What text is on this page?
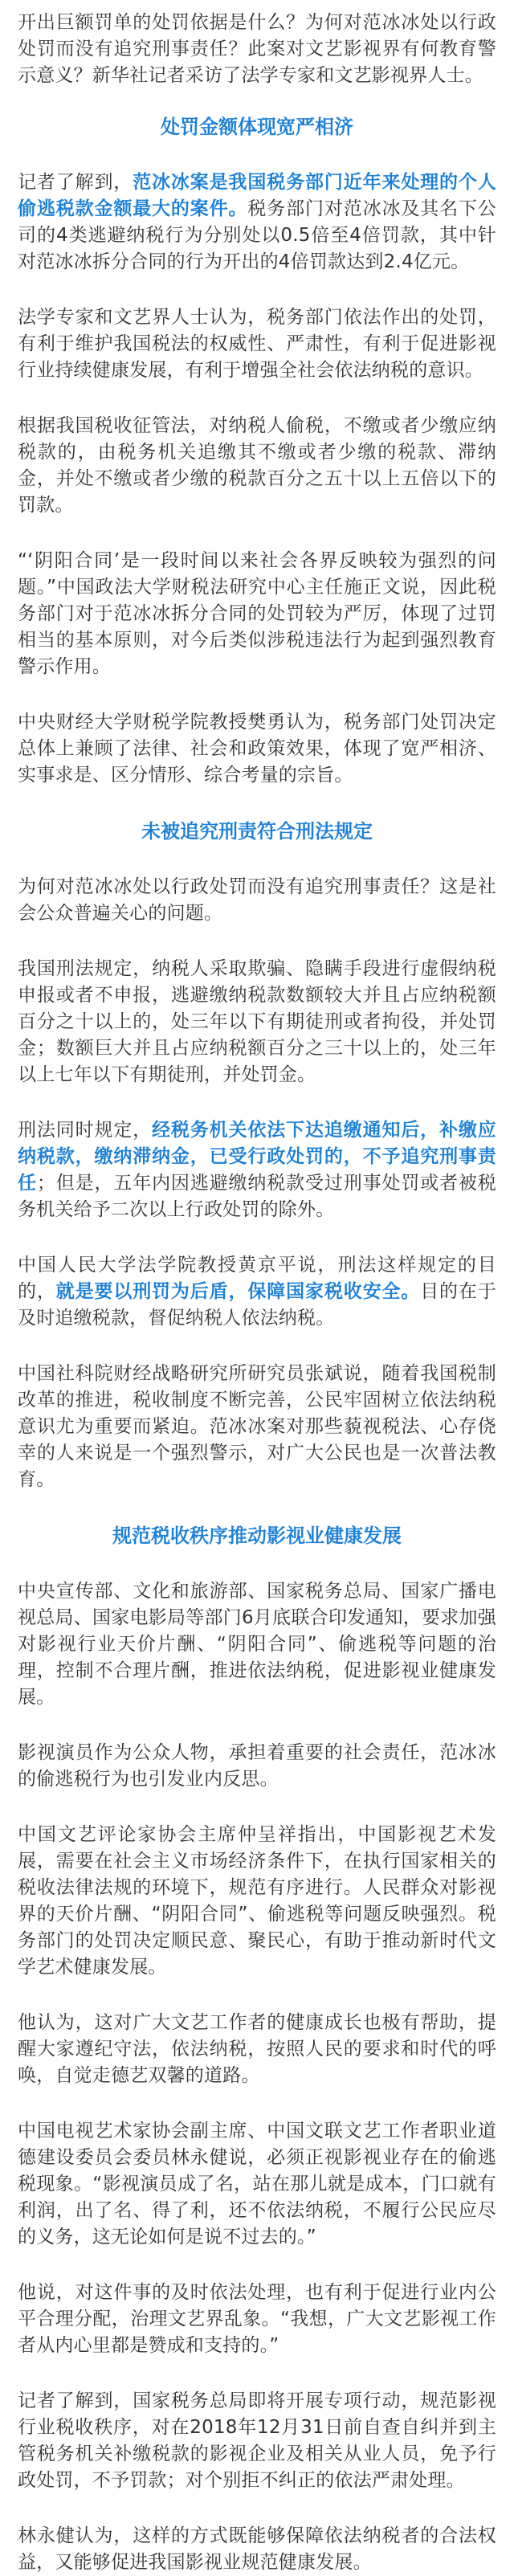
开出巨额罚单的处罚依据是什么？为何对范冰冰处以行政处罚而没有追究刑事责任？此案对文艺影视界有何教育警示意义？新华社记者采访了法学专家和文艺影视界人士。

处罚金额体现宽严相济

记者了解到，范冰冰案是我国税务部门近年来处理的个人偷逃税款金额最大的案件。税务部门对范冰冰及其名下公司的4类逃避纳税行为分别处以0.5倍至4倍罚款，其中针对范冰冰拆分合同的行为开出的4倍罚款达到2.4亿元。

法学专家和文艺界人士认为，税务部门依法作出的处罚，有利于维护我国税法的权威性、严肃性，有利于促进影视行业持续健康发展，有利于增强全社会依法纳税的意识。

根据我国税收征管法，对纳税人偷税，不缴或者少缴应纳税款的，由税务机关追缴其不缴或者少缴的税款、滞纳金，并处不缴或者少缴的税款百分之五十以上五倍以下的罚款。

“‘阴阳合同’是一段时间以来社会各界反映较为强烈的问题。”中国政法大学财税法研究中心主任施正文说，因此税务部门对于范冰冰拆分合同的处罚较为严厉，体现了过罚相当的基本原则，对今后类似涉税违法行为起到强烈教育警示作用。

中央财经大学财税学院教授樊勇认为，税务部门处罚决定总体上兼顾了法律、社会和政策效果，体现了宽严相济、实事求是、区分情形、综合考量的宗旨。

未被追究刑责符合刑法规定

为何对范冰冰处以行政处罚而没有追究刑事责任？这是社会公众普遍关心的问题。

我国刑法规定，纳税人采取欺骗、隐瞒手段进行虚假纳税申报或者不申报，逃避缴纳税款数额较大并且占应纳税额百分之十以上的，处三年以下有期徒刑或者拘役，并处罚金；数额巨大并且占应纳税额百分之三十以上的，处三年以上七年以下有期徒刑，并处罚金。

刑法同时规定，经税务机关依法下达追缴通知后，补缴应纳税款，缴纳滞纳金，已受行政处罚的，不予追究刑事责任；但是，五年内因逃避缴纳税款受过刑事处罚或者被税务机关给予二次以上行政处罚的除外。

中国人民大学法学院教授黄京平说，刑法这样规定的目的，就是要以刑罚为后盾，保障国家税收安全。目的在于及时追缴税款，督促纳税人依法纳税。

中国社科院财经战略研究所研究员张斌说，随着我国税制改革的推进，税收制度不断完善，公民牢固树立依法纳税意识尤为重要而紧迫。范冰冰案对那些藐视税法、心存侥幸的人来说是一个强烈警示，对广大公民也是一次普法教育。

规范税收秩序推动影视业健康发展

中央宣传部、文化和旅游部、国家税务总局、国家广播电视总局、国家电影局等部门6月底联合印发通知，要求加强对影视行业天价片酬、“阴阳合同”、偷逃税等问题的治理，控制不合理片酬，推进依法纳税，促进影视业健康发展。

影视演员作为公众人物，承担着重要的社会责任，范冰冰的偷逃税行为也引发业内反思。

中国文艺评论家协会主席仲呈祥指出，中国影视艺术发展，需要在社会主义市场经济条件下，在执行国家相关的税收法律法规的环境下，规范有序进行。人民群众对影视界的天价片酬、“阴阳合同”、偷逃税等问题反映强烈。税务部门的处罚决定顺民意、聚民心，有助于推动新时代文学艺术健康发展。

他认为，这对广大文艺工作者的健康成长也极有帮助，提醒大家遵纪守法，依法纳税，按照人民的要求和时代的呼唤，自觉走德艺双馨的道路。

中国电视艺术家协会副主席、中国文联文艺工作者职业道德建设委员会委员林永健说，必须正视影视业存在的偷逃税现象。“影视演员成了名，站在那儿就是成本，门口就有利润，出了名、得了利，还不依法纳税，不履行公民应尽的义务，这无论如何是说不过去的。”

他说，对这件事的及时依法处理，也有利于促进行业内公平合理分配，治理文艺界乱象。“我想，广大文艺影视工作者从内心里都是赞成和支持的。”

记者了解到，国家税务总局即将开展专项行动，规范影视行业税收秩序，对在2018年12月31日前自查自纠并到主管税务机关补缴税款的影视企业及相关从业人员，免予行政处罚，不予罚款；对个别拒不纠正的依法严肃处理。

林永健认为，这样的方式既能够保障依法纳税者的合法权益，又能够促进我国影视业规范健康发展。
